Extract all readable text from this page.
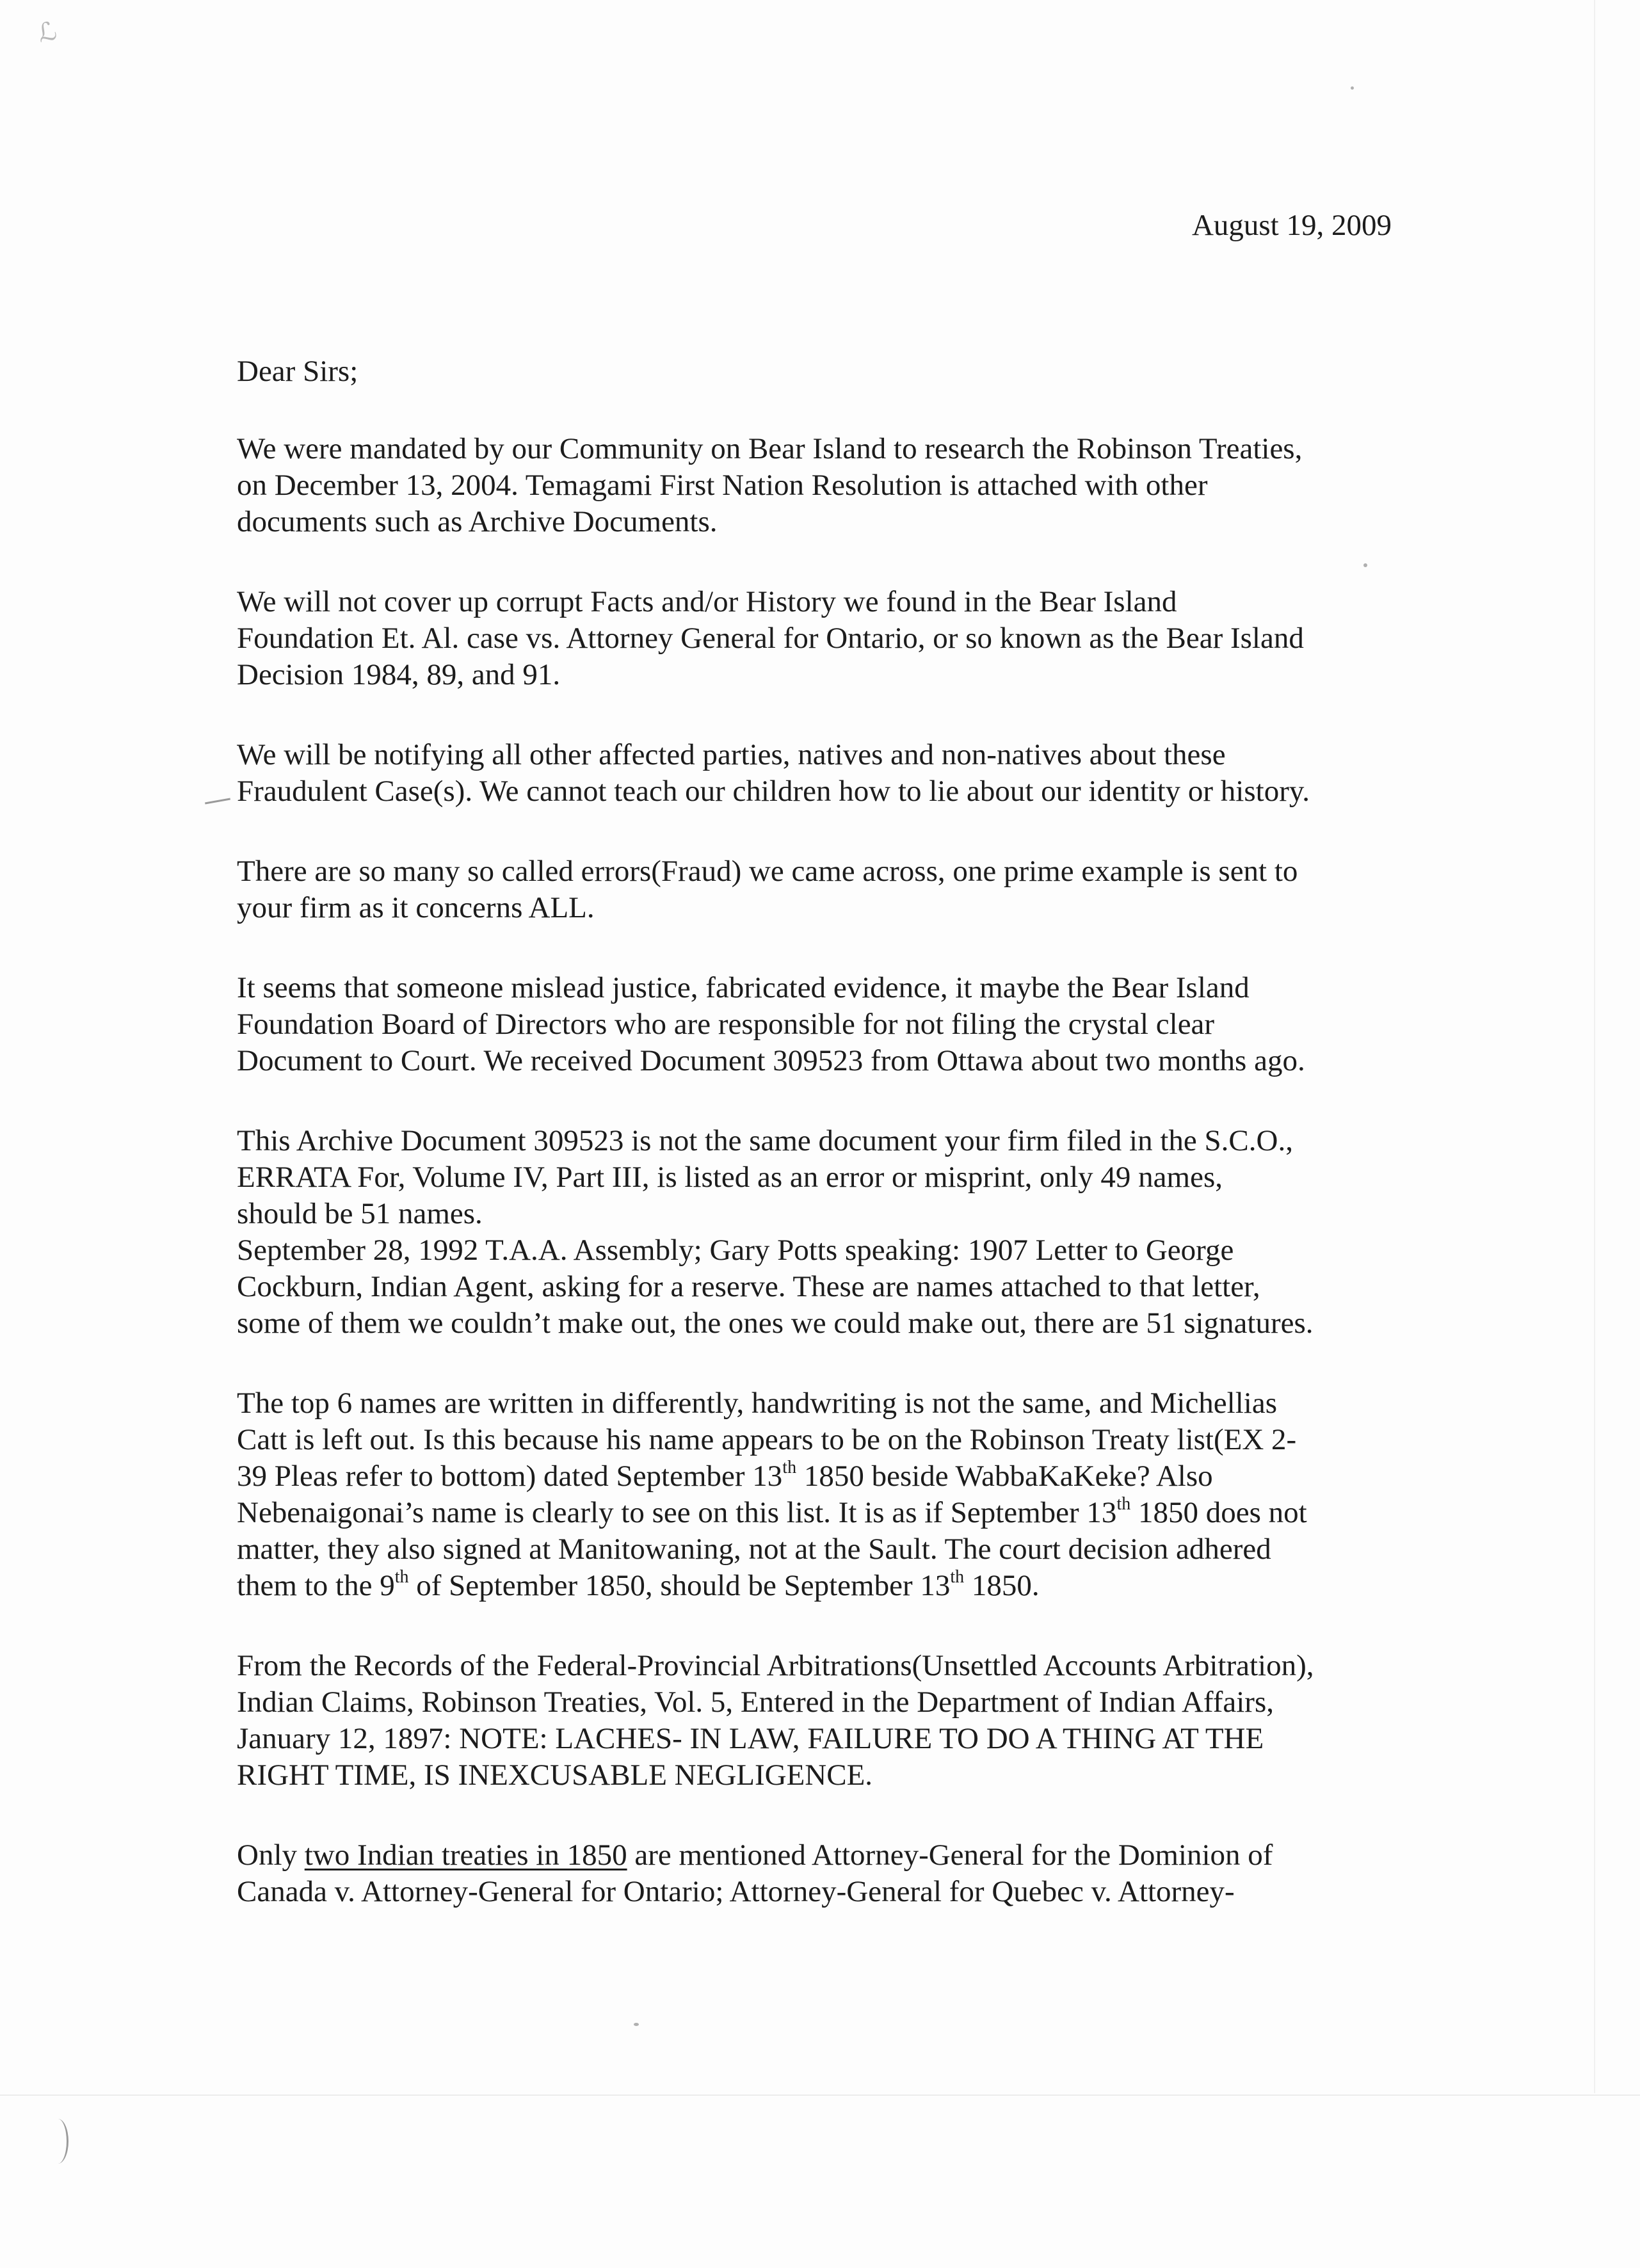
ℒ
August 19, 2009
Dear Sirs;
We were mandated by our Community on Bear Island to research the Robinson Treaties,
on December 13, 2004. Temagami First Nation Resolution is attached with other
documents such as Archive Documents.
We will not cover up corrupt Facts and/or History we found in the Bear Island
Foundation Et. Al. case vs. Attorney General for Ontario, or so known as the Bear Island
Decision 1984, 89, and 91.
We will be notifying all other affected parties, natives and non-natives about these
Fraudulent Case(s). We cannot teach our children how to lie about our identity or history.
There are so many so called errors(Fraud) we came across, one prime example is sent to
your firm as it concerns ALL.
It seems that someone mislead justice, fabricated evidence, it maybe the Bear Island
Foundation Board of Directors who are responsible for not filing the crystal clear
Document to Court. We received Document 309523 from Ottawa about two months ago.
This Archive Document 309523 is not the same document your firm filed in the S.C.O.,
ERRATA For, Volume IV, Part III, is listed as an error or misprint, only 49 names,
should be 51 names.
September 28, 1992 T.A.A. Assembly; Gary Potts speaking: 1907 Letter to George
Cockburn, Indian Agent, asking for a reserve. These are names attached to that letter,
some of them we couldn’t make out, the ones we could make out, there are 51 signatures.
The top 6 names are written in differently, handwriting is not the same, and Michellias
Catt is left out. Is this because his name appears to be on the Robinson Treaty list(EX 2-
39 Pleas refer to bottom) dated September 13th 1850 beside WabbaKaKeke? Also
Nebenaigonai’s name is clearly to see on this list. It is as if September 13th 1850 does not
matter, they also signed at Manitowaning, not at the Sault. The court decision adhered
them to the 9th of September 1850, should be September 13th 1850.
From the Records of the Federal-Provincial Arbitrations(Unsettled Accounts Arbitration),
Indian Claims, Robinson Treaties, Vol. 5, Entered in the Department of Indian Affairs,
January 12, 1897: NOTE: LACHES- IN LAW, FAILURE TO DO A THING AT THE
RIGHT TIME, IS INEXCUSABLE NEGLIGENCE.
Only two Indian treaties in 1850 are mentioned Attorney-General for the Dominion of
Canada v. Attorney-General for Ontario; Attorney-General for Quebec v. Attorney-
